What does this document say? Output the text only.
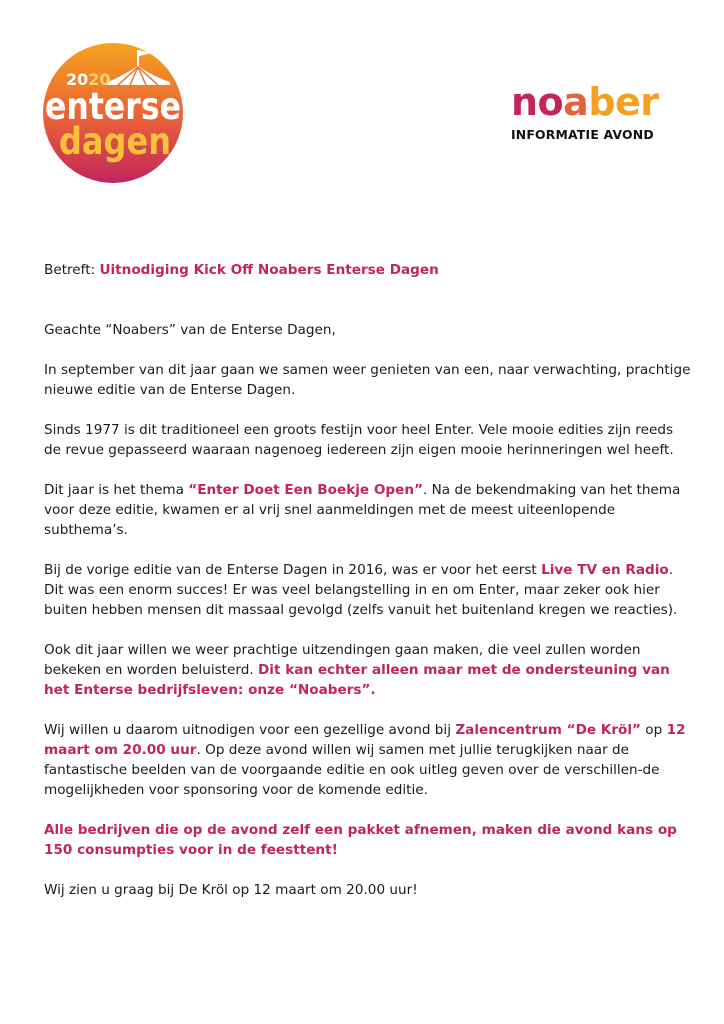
2020
enterse
dagen
noaber
INFORMATIE AVOND

Betreft: Uitnodiging Kick Off Noabers Enterse Dagen

Geachte “Noabers” van de Enterse Dagen,

In september van dit jaar gaan we samen weer genieten van een, naar verwachting, prachtige nieuwe editie van de Enterse Dagen.

Sinds 1977 is dit traditioneel een groots festijn voor heel Enter. Vele mooie edities zijn reeds de revue gepasseerd waaraan nagenoeg iedereen zijn eigen mooie herinneringen wel heeft.

Dit jaar is het thema “Enter Doet Een Boekje Open”. Na de bekendmaking van het thema voor deze editie, kwamen er al vrij snel aanmeldingen met de meest uiteenlopende subthema’s.

Bij de vorige editie van de Enterse Dagen in 2016, was er voor het eerst Live TV en Radio. Dit was een enorm succes! Er was veel belangstelling in en om Enter, maar zeker ook hier buiten hebben mensen dit massaal gevolgd (zelfs vanuit het buitenland kregen we reacties).

Ook dit jaar willen we weer prachtige uitzendingen gaan maken, die veel zullen worden bekeken en worden beluisterd. Dit kan echter alleen maar met de ondersteuning van het Enterse bedrijfsleven: onze “Noabers”.

Wij willen u daarom uitnodigen voor een gezellige avond bij Zalencentrum “De Kröl” op 12 maart om 20.00 uur. Op deze avond willen wij samen met jullie terugkijken naar de fantastische beelden van de voorgaande editie en ook uitleg geven over de verschillen-de mogelijkheden voor sponsoring voor de komende editie.

Alle bedrijven die op de avond zelf een pakket afnemen, maken die avond kans op 150 consumpties voor in de feesttent!

Wij zien u graag bij De Kröl op 12 maart om 20.00 uur!
